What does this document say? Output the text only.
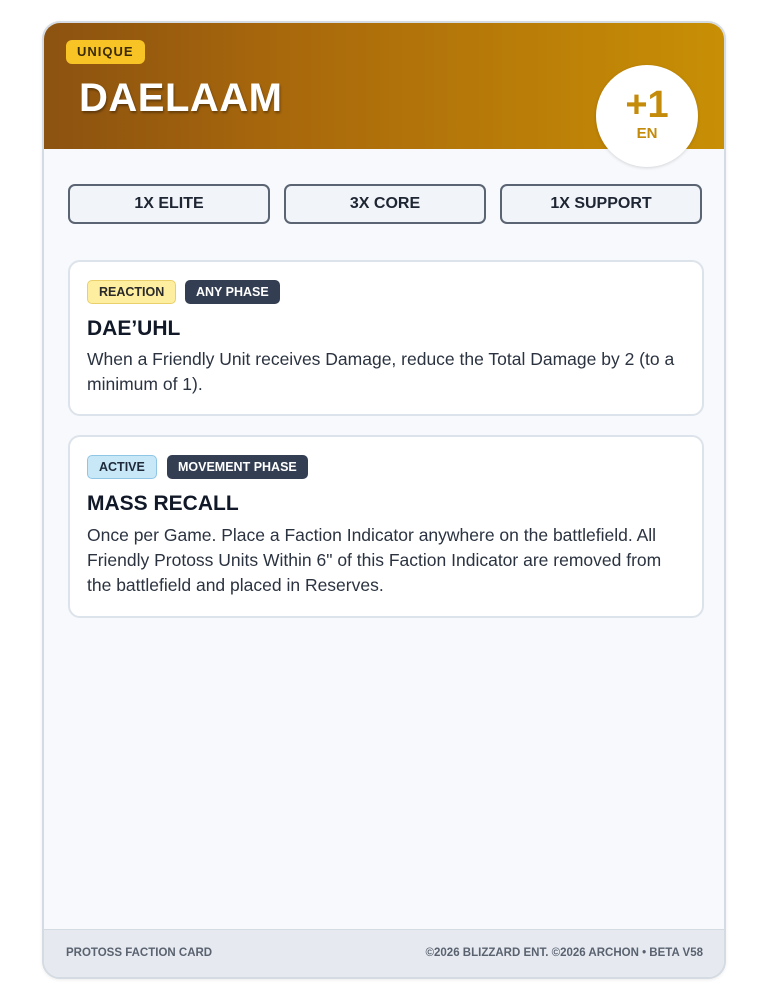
UNIQUE
DAELAAM	+1
EN
1X ELITE	3X CORE	1X SUPPORT
REACTION	ANY PHASE
DAE’UHL
When a Friendly Unit receives Damage, reduce the Total Damage by 2 (to a minimum of 1).
ACTIVE	MOVEMENT PHASE
MASS RECALL
Once per Game. Place a Faction Indicator anywhere on the battlefield. All Friendly Protoss Units Within 6" of this Faction Indicator are removed from the battlefield and placed in Reserves.
PROTOSS FACTION CARD	©2026 BLIZZARD ENT. ©2026 ARCHON • BETA V58
